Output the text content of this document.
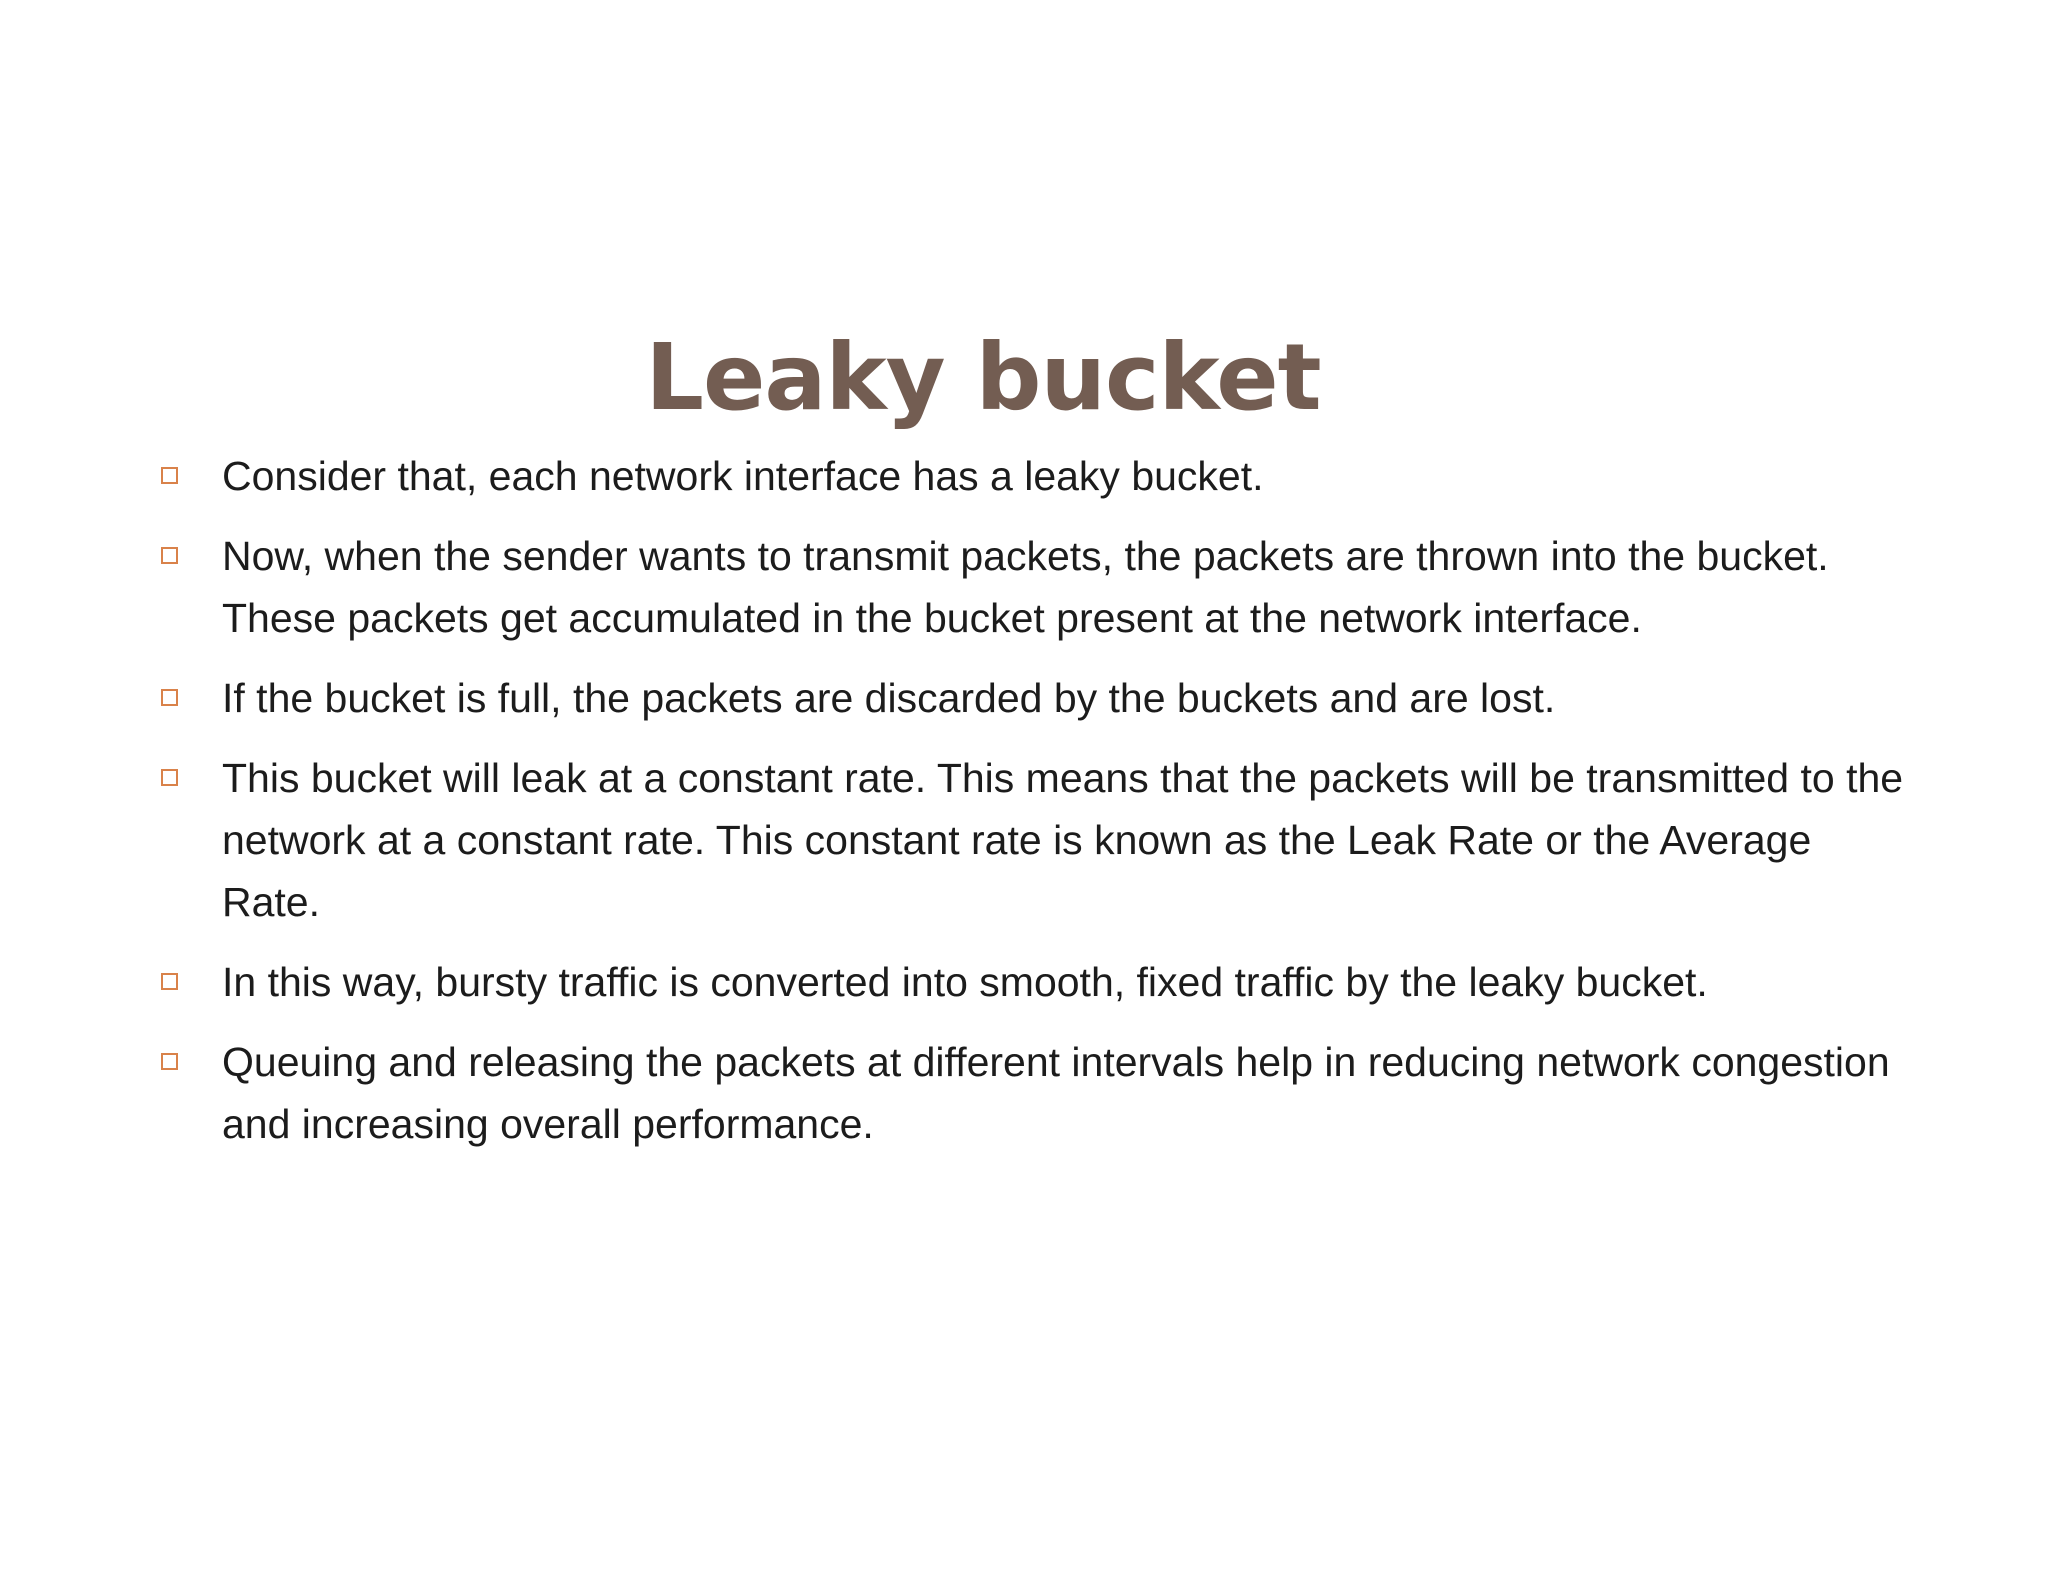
Leaky bucket
Consider that, each network interface has a leaky bucket.
Now, when the sender wants to transmit packets, the packets are thrown into the bucket. These packets get accumulated in the bucket present at the network interface.
If the bucket is full, the packets are discarded by the buckets and are lost.
This bucket will leak at a constant rate. This means that the packets will be transmitted to the network at a constant rate. This constant rate is known as the Leak Rate or the Average Rate.
In this way, bursty traffic is converted into smooth, fixed traffic by the leaky bucket.
Queuing and releasing the packets at different intervals help in reducing network congestion and increasing overall performance.
